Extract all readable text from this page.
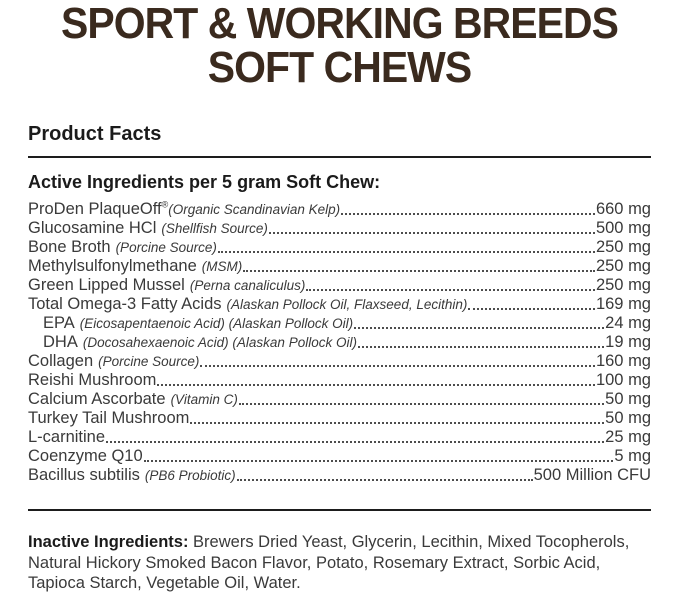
SPORT & WORKING BREEDS
SOFT CHEWS
Product Facts
Active Ingredients per 5 gram Soft Chew:
ProDen PlaqueOff®(Organic Scandinavian Kelp)	660 mg
Glucosamine HCl (Shellfish Source)	500 mg
Bone Broth (Porcine Source)	250 mg
Methylsulfonylmethane (MSM)	250 mg
Green Lipped Mussel (Perna canaliculus)	250 mg
Total Omega-3 Fatty Acids (Alaskan Pollock Oil, Flaxseed, Lecithin)	169 mg
EPA (Eicosapentaenoic Acid) (Alaskan Pollock Oil)	24 mg
DHA (Docosahexaenoic Acid) (Alaskan Pollock Oil)	19 mg
Collagen (Porcine Source)	160 mg
Reishi Mushroom	100 mg
Calcium Ascorbate (Vitamin C)	50 mg
Turkey Tail Mushroom	50 mg
L-carnitine	25 mg
Coenzyme Q10	5 mg
Bacillus subtilis (PB6 Probiotic)	500 Million CFU
Inactive Ingredients: Brewers Dried Yeast, Glycerin, Lecithin, Mixed Tocopherols, Natural Hickory Smoked Bacon Flavor, Potato, Rosemary Extract, Sorbic Acid, Tapioca Starch, Vegetable Oil, Water.
